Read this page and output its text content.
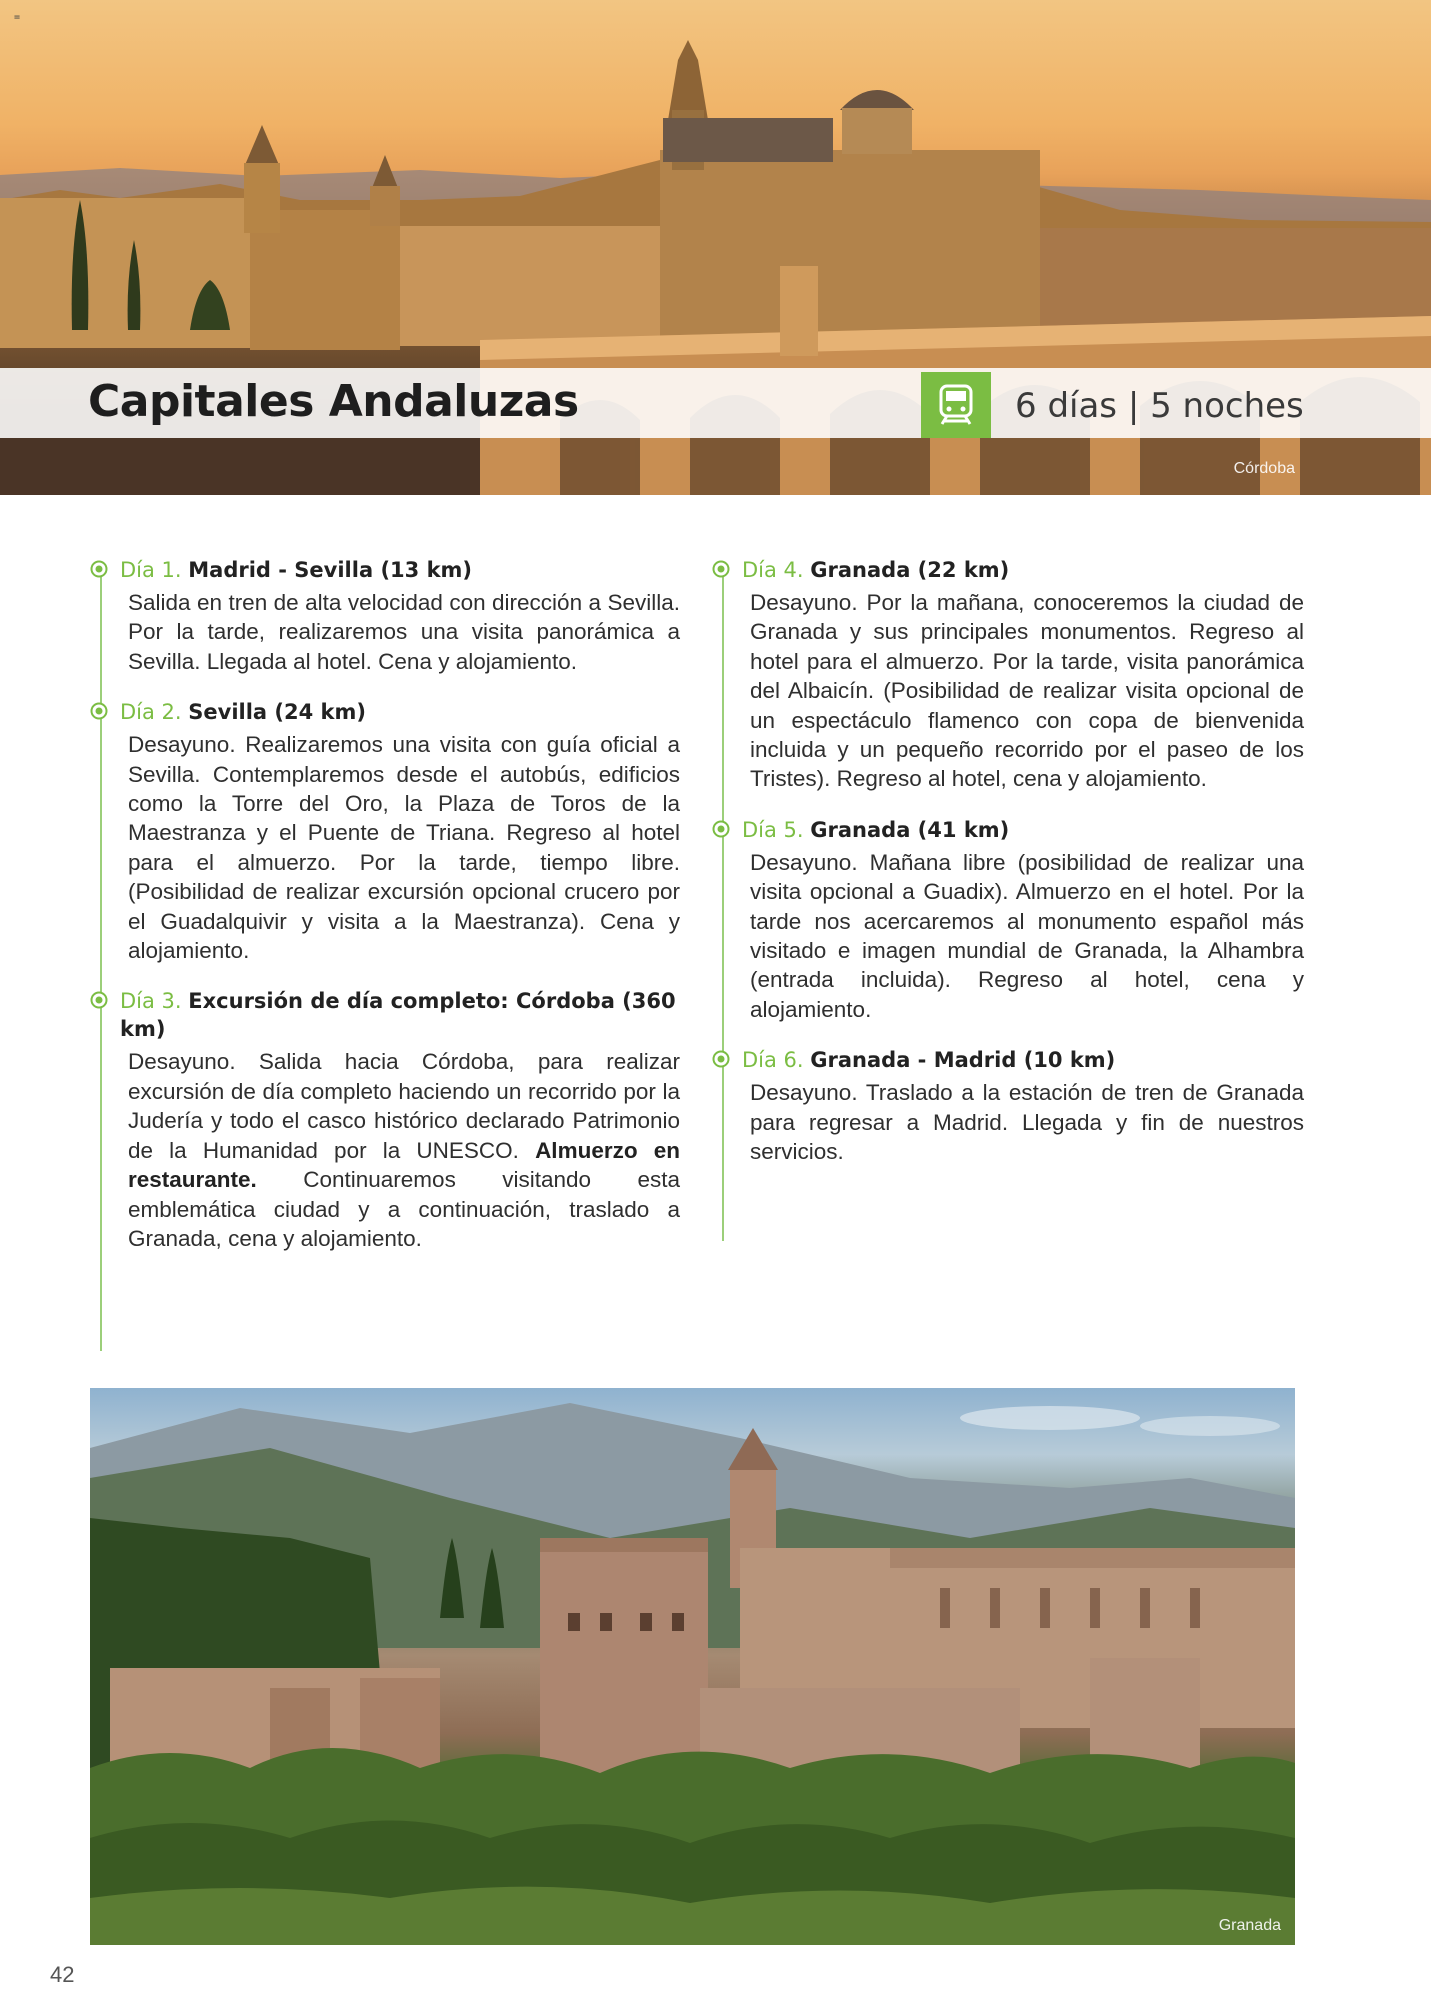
=
Capitales Andaluzas	6 días | 5 noches
Córdoba
Día 1. Madrid - Sevilla (13 km)
Salida en tren de alta velocidad con dirección a Sevilla. Por la tarde, realizaremos una visita panorámica a Sevilla. Llegada al hotel. Cena y alojamiento.
Día 2. Sevilla (24 km)
Desayuno. Realizaremos una visita con guía oficial a Sevilla. Contemplaremos desde el autobús, edificios como la Torre del Oro, la Plaza de Toros de la Maestranza y el Puente de Triana. Regreso al hotel para el almuerzo. Por la tarde, tiempo libre. (Posibilidad de realizar excursión opcional crucero por el Guadalquivir y visita a la Maestranza). Cena y alojamiento.
Día 3. Excursión de día completo: Córdoba (360 km)
Desayuno. Salida hacia Córdoba, para realizar excursión de día completo haciendo un recorrido por la Judería y todo el casco histórico declarado Patrimonio de la Humanidad por la UNESCO. Almuerzo en restaurante. Continuaremos visitando esta emblemática ciudad y a continuación, traslado a Granada, cena y alojamiento.
Día 4. Granada (22 km)
Desayuno. Por la mañana, conoceremos la ciudad de Granada y sus principales monumentos. Regreso al hotel para el almuerzo. Por la tarde, visita panorámica del Albaicín. (Posibilidad de realizar visita opcional de un espectáculo flamenco con copa de bienvenida incluida y un pequeño recorrido por el paseo de los Tristes). Regreso al hotel, cena y alojamiento.
Día 5. Granada (41 km)
Desayuno. Mañana libre (posibilidad de realizar una visita opcional a Guadix). Almuerzo en el hotel. Por la tarde nos acercaremos al monumento español más visitado e imagen mundial de Granada, la Alhambra (entrada incluida). Regreso al hotel, cena y alojamiento.
Día 6. Granada - Madrid (10 km)
Desayuno. Traslado a la estación de tren de Granada para regresar a Madrid. Llegada y fin de nuestros servicios.
Granada
42
